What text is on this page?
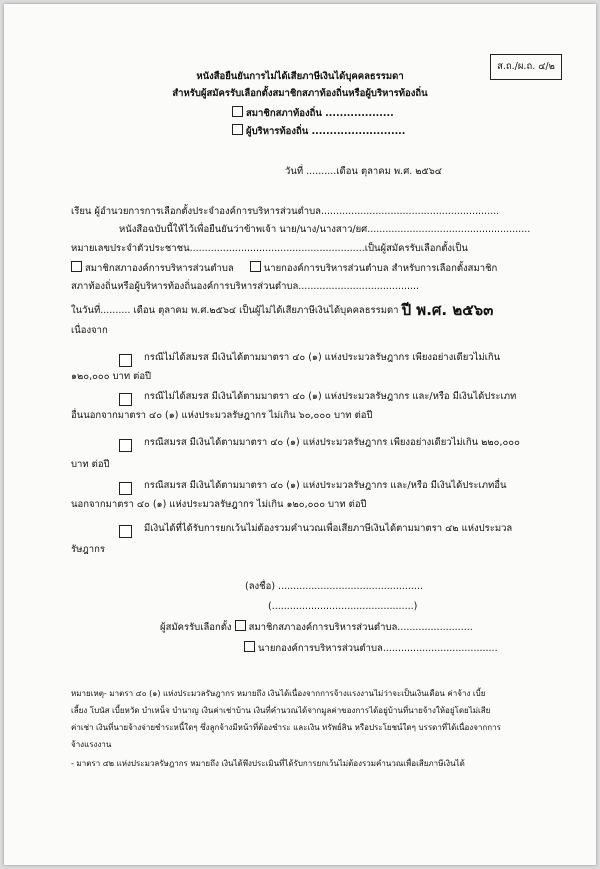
ส.ถ./ผ.ถ. ๔/๒
หนังสือยืนยันการไม่ได้เสียภาษีเงินได้บุคคลธรรมดา
สำหรับผู้สมัครรับเลือกตั้งสมาชิกสภาท้องถิ่นหรือผู้บริหารท้องถิ่น
สมาชิกสภาท้องถิ่น ...................
ผู้บริหารท้องถิ่น ..........................
วันที่ ..........เดือน ตุลาคม พ.ศ. ๒๕๖๔
เรียน ผู้อำนวยการการเลือกตั้งประจำองค์การบริหารส่วนตำบล...........................................................
หนังสือฉบับนี้ให้ไว้เพื่อยืนยันว่าข้าพเจ้า นาย/นาง/นางสาว/ยศ......................................................
หมายเลขประจำตัวประชาชน..........................................................เป็นผู้สมัครรับเลือกตั้งเป็น
สมาชิกสภาองค์การบริหารส่วนตำบล	นายกองค์การบริหารส่วนตำบล สำหรับการเลือกตั้งสมาชิก
สภาท้องถิ่นหรือผู้บริหารท้องถิ่นองค์การบริหารส่วนตำบล........................................
ในวันที่.......... เดือน ตุลาคม พ.ศ.๒๕๖๔ เป็นผู้ไม่ได้เสียภาษีเงินได้บุคคลธรรมดา ปี พ.ศ. ๒๕๖๓
เนื่องจาก
กรณีไม่ได้สมรส มีเงินได้ตามมาตรา ๔๐ (๑) แห่งประมวลรัษฎากร เพียงอย่างเดียวไม่เกิน
๑๒๐,๐๐๐ บาท ต่อปี
กรณีไม่ได้สมรส มีเงินได้ตามมาตรา ๔๐ (๑) แห่งประมวลรัษฎากร และ/หรือ มีเงินได้ประเภท
อื่นนอกจากมาตรา ๔๐ (๑) แห่งประมวลรัษฎากร ไม่เกิน ๖๐,๐๐๐ บาท ต่อปี
กรณีสมรส มีเงินได้ตามมาตรา ๔๐ (๑) แห่งประมวลรัษฎากร เพียงอย่างเดียวไม่เกิน ๒๒๐,๐๐๐
บาท ต่อปี
กรณีสมรส มีเงินได้ตามมาตรา ๔๐ (๑) แห่งประมวลรัษฎากร และ/หรือ มีเงินได้ประเภทอื่น
นอกจากมาตรา ๔๐ (๑) แห่งประมวลรัษฎากร ไม่เกิน ๑๒๐,๐๐๐ บาท ต่อปี
มีเงินได้ที่ได้รับการยกเว้นไม่ต้องรวมคำนวณเพื่อเสียภาษีเงินได้ตามมาตรา ๔๒ แห่งประมวล
รัษฎากร
(ลงชื่อ) ................................................
(...............................................)
ผู้สมัครรับเลือกตั้ง สมาชิกสภาองค์การบริหารส่วนตำบล.........................
นายกองค์การบริหารส่วนตำบล......................................
หมายเหตุ- มาตรา ๔๐ (๑) แห่งประมวลรัษฎากร หมายถึง เงินได้เนื่องจากการจ้างแรงงานไม่ว่าจะเป็นเงินเดือน ค่าจ้าง เบี้ย
เลี้ยง โบนัส เบี้ยหวัด บำเหน็จ บำนาญ เงินค่าเช่าบ้าน เงินที่คำนวณได้จากมูลค่าของการได้อยู่บ้านที่นายจ้างให้อยู่โดยไม่เสีย
ค่าเช่า เงินที่นายจ้างจ่ายชำระหนี้ใดๆ ซึ่งลูกจ้างมีหน้าที่ต้องชำระ และเงิน ทรัพย์สิน หรือประโยชน์ใดๆ บรรดาที่ได้เนื่องจากการ
จ้างแรงงาน
- มาตรา ๔๒ แห่งประมวลรัษฎากร หมายถึง เงินได้พึงประเมินที่ได้รับการยกเว้นไม่ต้องรวมคำนวณเพื่อเสียภาษีเงินได้
